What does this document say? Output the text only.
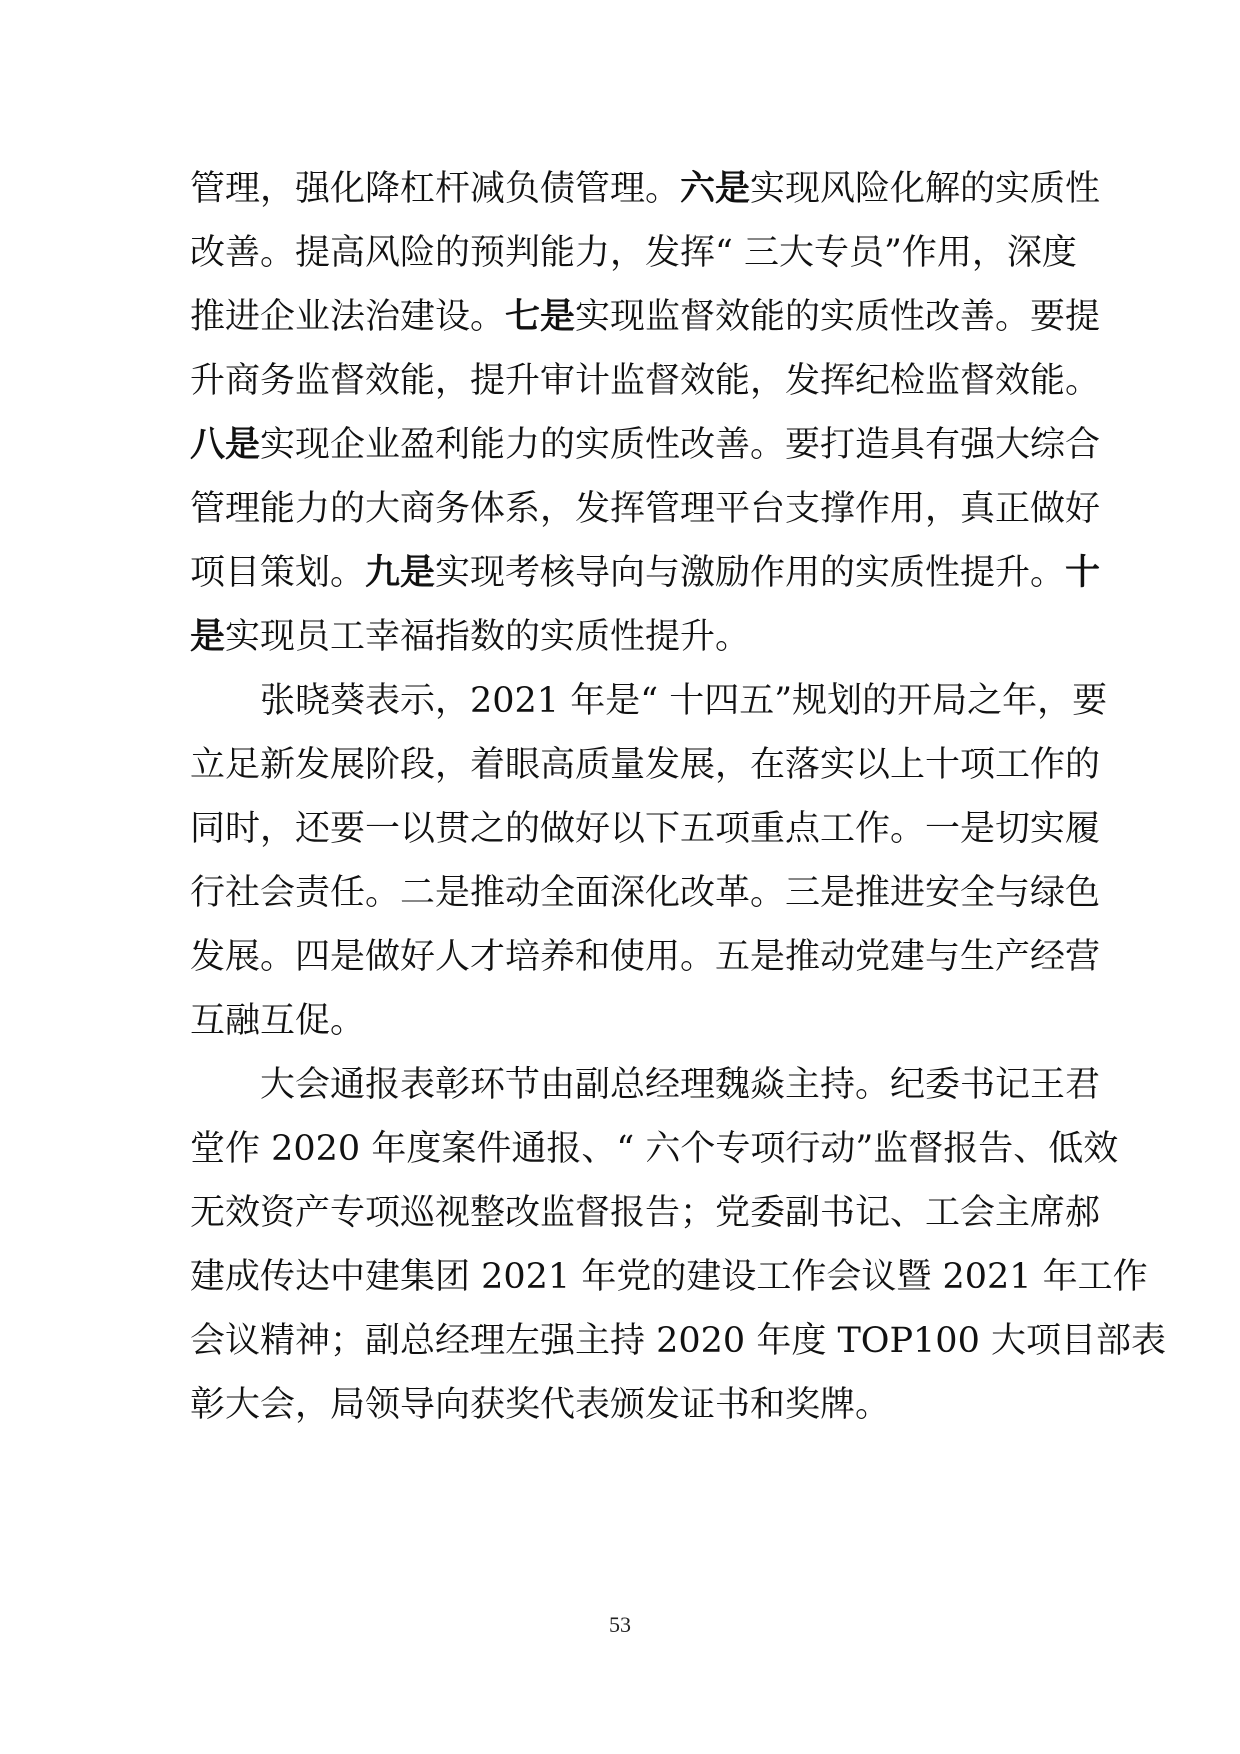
管理，强化降杠杆减负债管理。六是实现风险化解的实质性
改善。提高风险的预判能力，发挥“ 三大专员”作用，深度
推进企业法治建设。七是实现监督效能的实质性改善。要提
升商务监督效能，提升审计监督效能，发挥纪检监督效能。
八是实现企业盈利能力的实质性改善。要打造具有强大综合
管理能力的大商务体系，发挥管理平台支撑作用，真正做好
项目策划。九是实现考核导向与激励作用的实质性提升。十
是实现员工幸福指数的实质性提升。
张晓葵表示，2021 年是“ 十四五”规划的开局之年，要
立足新发展阶段，着眼高质量发展，在落实以上十项工作的
同时，还要一以贯之的做好以下五项重点工作。一是切实履
行社会责任。二是推动全面深化改革。三是推进安全与绿色
发展。四是做好人才培养和使用。五是推动党建与生产经营
互融互促。
大会通报表彰环节由副总经理魏焱主持。纪委书记王君
堂作 2020 年度案件通报、“ 六个专项行动”监督报告、低效
无效资产专项巡视整改监督报告；党委副书记、工会主席郝
建成传达中建集团 2021 年党的建设工作会议暨 2021 年工作
会议精神；副总经理左强主持 2020 年度 TOP100 大项目部表
彰大会，局领导向获奖代表颁发证书和奖牌。
53
